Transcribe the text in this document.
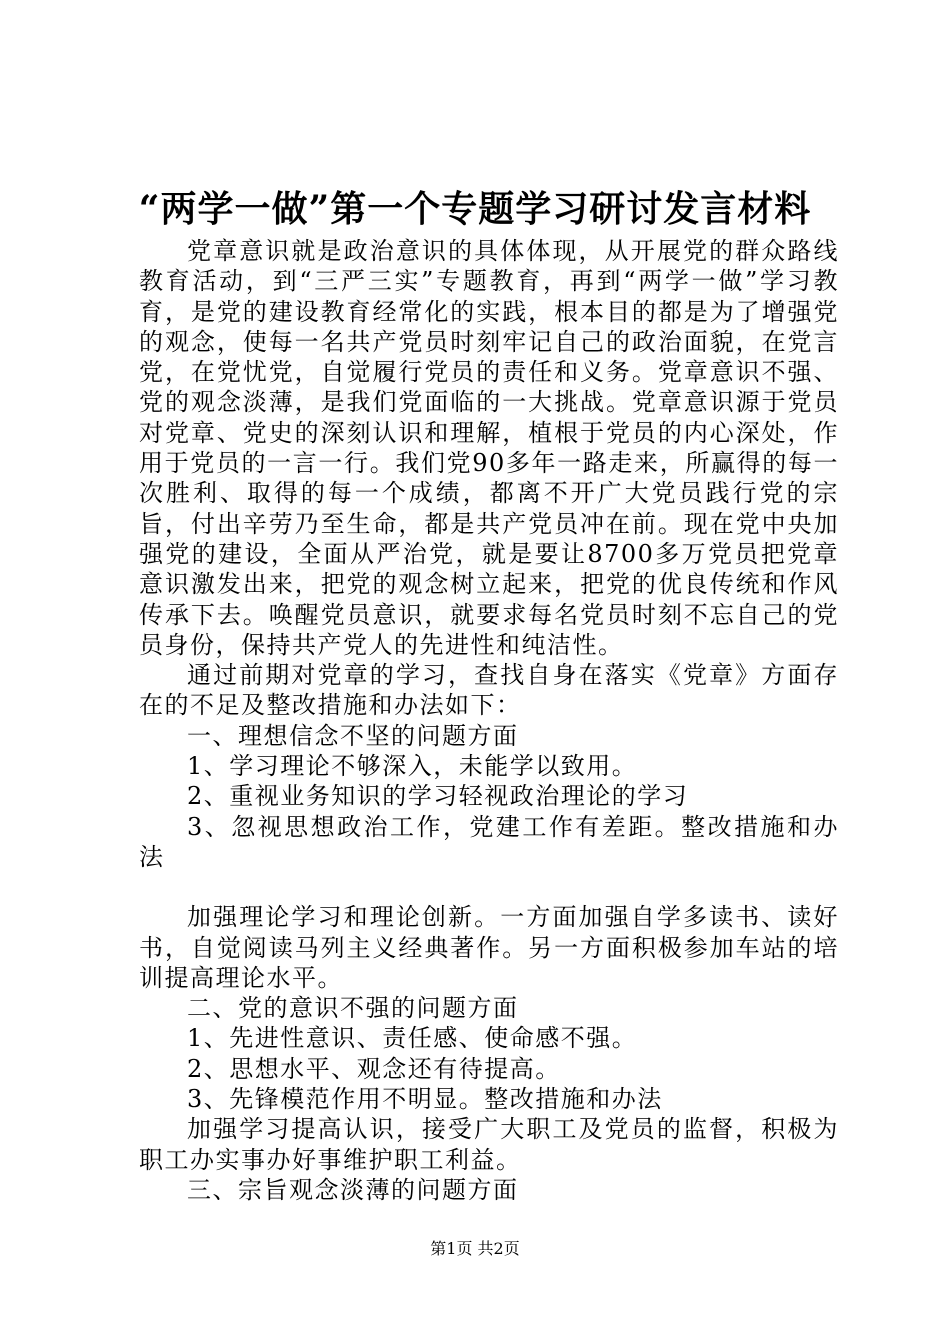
“两学一做”第一个专题学习研讨发言材料

党章意识就是政治意识的具体体现，从开展党的群众路线教育活动，到“三严三实”专题教育，再到“两学一做”学习教育，是党的建设教育经常化的实践，根本目的都是为了增强党的观念，使每一名共产党员时刻牢记自己的政治面貌，在党言党，在党忧党，自觉履行党员的责任和义务。党章意识不强、党的观念淡薄，是我们党面临的一大挑战。党章意识源于党员对党章、党史的深刻认识和理解，植根于党员的内心深处，作用于党员的一言一行。我们党90多年一路走来，所赢得的每一次胜利、取得的每一个成绩，都离不开广大党员践行党的宗旨，付出辛劳乃至生命，都是共产党员冲在前。现在党中央加强党的建设，全面从严治党，就是要让8700多万党员把党章意识激发出来，把党的观念树立起来，把党的优良传统和作风传承下去。唤醒党员意识，就要求每名党员时刻不忘自己的党员身份，保持共产党人的先进性和纯洁性。

通过前期对党章的学习，查找自身在落实《党章》方面存在的不足及整改措施和办法如下：

一、理想信念不坚的问题方面

1、学习理论不够深入，未能学以致用。

2、重视业务知识的学习轻视政治理论的学习

3、忽视思想政治工作，党建工作有差距。整改措施和办法

加强理论学习和理论创新。一方面加强自学多读书、读好书，自觉阅读马列主义经典著作。另一方面积极参加车站的培训提高理论水平。

二、党的意识不强的问题方面

1、先进性意识、责任感、使命感不强。

2、思想水平、观念还有待提高。

3、先锋模范作用不明显。整改措施和办法

加强学习提高认识，接受广大职工及党员的监督，积极为职工办实事办好事维护职工利益。

三、宗旨观念淡薄的问题方面

第1页 共2页
